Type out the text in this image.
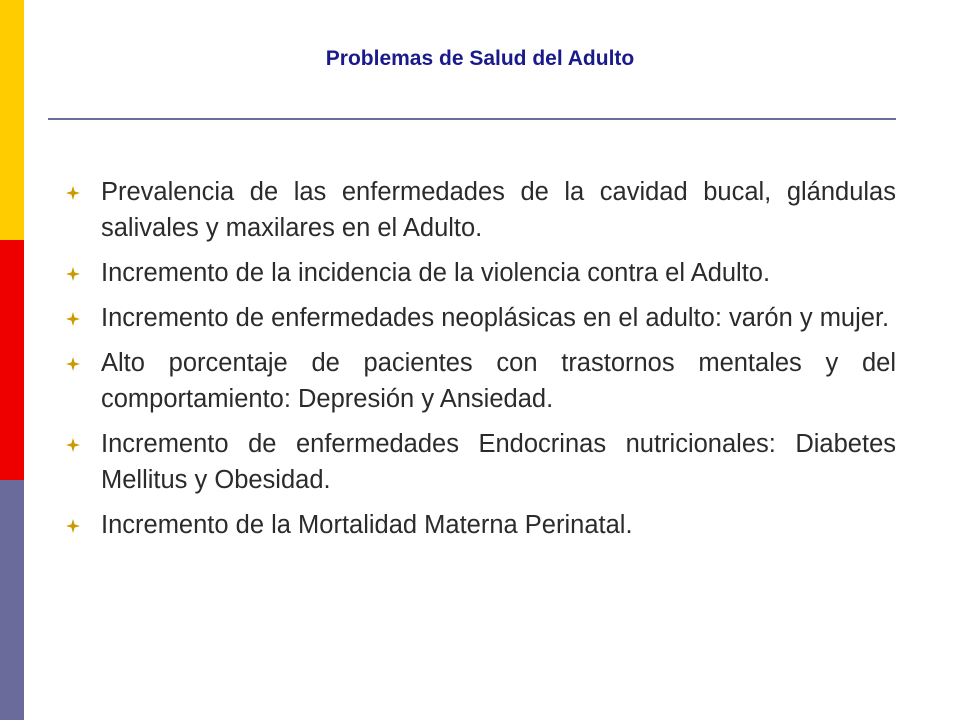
Problemas de Salud del Adulto
Prevalencia de las enfermedades de la cavidad bucal, glándulas salivales y maxilares en el Adulto.
Incremento de la incidencia de la violencia contra el Adulto.
Incremento de enfermedades neoplásicas en el adulto: varón y mujer.
Alto porcentaje de pacientes con trastornos mentales y del comportamiento: Depresión y Ansiedad.
Incremento de enfermedades Endocrinas nutricionales: Diabetes Mellitus y Obesidad.
Incremento de la Mortalidad Materna Perinatal.
